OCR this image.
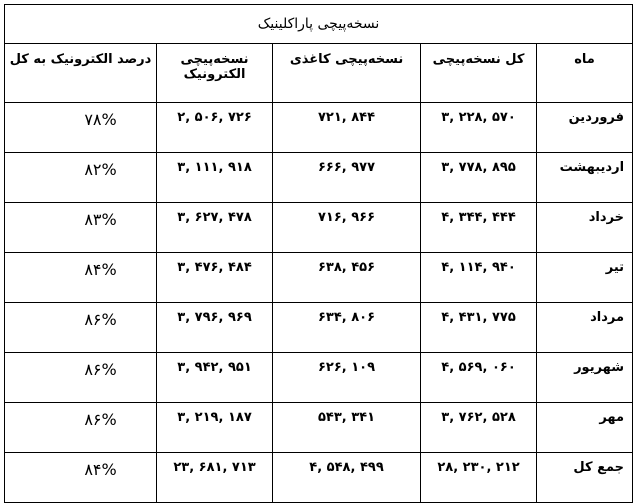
نسخه‌پیچی پاراکلینیک				
ماه	کل نسخه‌پیچی	نسخه‌پیچی کاغذی	نسخه‌پیچی الکترونیک	درصد الکترونیک به کل
فروردین	۳, ۲۲۸, ۵۷۰	۷۲۱, ۸۴۴	۲, ۵۰۶, ۷۲۶	۷۸%
اردیبهشت	۳, ۷۷۸, ۸۹۵	۶۶۶, ۹۷۷	۳, ۱۱۱, ۹۱۸	۸۲%
خرداد	۴, ۳۴۴, ۴۴۴	۷۱۶, ۹۶۶	۳, ۶۲۷, ۴۷۸	۸۳%
تیر	۴, ۱۱۴, ۹۴۰	۶۳۸, ۴۵۶	۳, ۴۷۶, ۴۸۴	۸۴%
مرداد	۴, ۴۳۱, ۷۷۵	۶۳۴, ۸۰۶	۳, ۷۹۶, ۹۶۹	۸۶%
شهریور	۴, ۵۶۹, ۰۶۰	۶۲۶, ۱۰۹	۳, ۹۴۲, ۹۵۱	۸۶%
مهر	۳, ۷۶۲, ۵۲۸	۵۴۳, ۳۴۱	۳, ۲۱۹, ۱۸۷	۸۶%
جمع کل	۲۸, ۲۳۰, ۲۱۲	۴, ۵۴۸, ۴۹۹	۲۳, ۶۸۱, ۷۱۳	۸۴%
